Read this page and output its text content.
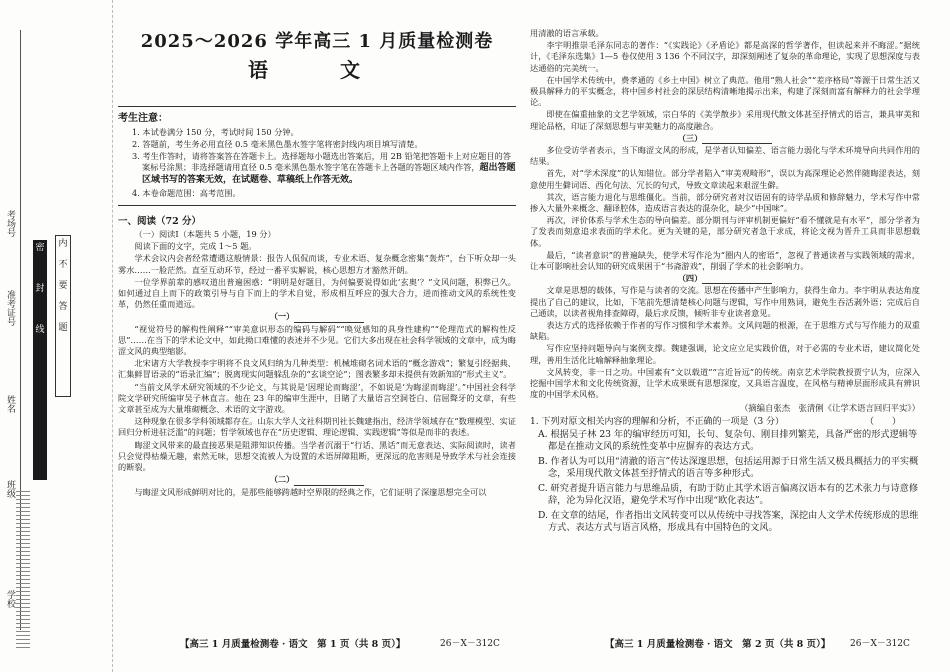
学校
班级
姓名
准考证号
考场号
密
封
线
内
不
要
答
题
2025～2026 学年高三 1 月质量检测卷
语　文
考生注意：

1. 本试卷满分 150 分，考试时间 150 分钟。

2. 答题前，考生务必用直径 0.5 毫米黑色墨水签字笔将密封线内项目填写清楚。

3. 考生作答时，请将答案答在答题卡上。选择题每小题选出答案后，用 2B 铅笔把答题卡上对应题目的答案标号涂黑；非选择题请用直径 0.5 毫米黑色墨水签字笔在答题卡上各题的答题区域内作答，超出答题区域书写的答案无效，在试题卷、草稿纸上作答无效。

4. 本卷命题范围：高考范围。

一、阅读（72 分）
（一）阅读Ⅰ（本题共 5 小题，19 分）
阅读下面的文字，完成 1～5 题。
学术会议内会者经常遭遇这般情景：报告人侃侃而谈，专业术语、复杂概念密集“轰炸”，台下听众却一头雾水……一脸茫然。直至互动环节，经过一番平实解说，核心思想方才豁然开朗。
一位学界前辈的感叹道出普遍困惑：“明明是好题目，为何偏要说得如此‘玄奥’？”文风问题，积弊已久。如何通过自上而下的政策引导与自下而上的学术自觉，形成相互呼应的强大合力，进而推动文风的系统性变革，仍然任重而道远。
（一）
“视觉符号的解构性阐释”“审美意识形态的编码与解码”“唤觉感知的具身性建构”“伦理范式的解构性反思”……在当下的学术论文中，如此拗口难懂的表述并不少见。它们大多出现在社会科学领域的文章中，成为晦涩文风的典型缩影。
北宋诸方大学教授李宇明将不良文风归纳为几种类型：机械堆砌名词术语的“概念游戏”；繁复引经据典、汇集鲜冒语录的“语录汇编”；脱离现实问题躲乱杂的“玄谈空论”；图表繁多却未提供有效新知的“形式主义”。
“当前文风学术研究领域的不少论文，与其说是‘因理论而晦涩’，不如说是‘为晦涩而晦涩’。”中国社会科学院文学研究所编审吴子林直言。他在 23 年的编审生涯中，目睹了大量语言空洞苍白、信屈聱牙的文章，有些文章甚至成为大量堆砌概念、术语的文字游戏。
这种现象在很多学科领域都存在。山东大学人文社科期刊社长魏建指出，经济学领域存在“数理模型、实证回归分析进驻泛滥”的问题；哲学领域也存在“历史逻辑、理论逻辑、实践逻辑”等似是而非的表述。
晦涩文风带来的最直接恶果是阻滞知识传播。当学者沉溺于“行话、黑话”而无意表达、实际阅读时，读者只会觉得枯燥无趣，索然无味，思想交流被人为设置的术语屏障阻断，更深远的危害则是导致学术与社会连接的断裂。
（二）
与晦涩文风形成鲜明对比的，是那些能够跨越时空界限的经典之作，它们证明了深邃思想完全可以
【高三 1 月质量检测卷 · 语文　第 1 页（共 8 页）】	26－X－312C
用清澈的语言承载。
李宇明推崇毛泽东同志的著作：“《实践论》《矛盾论》都是高深的哲学著作，但读起来并不晦涩。”据统计，《毛泽东选集》1—5 卷仅使用 3 136 个不同汉字，却深刻阐述了复杂的革命理论，实现了思想深度与表达通俗的完美统一。
在中国学术传统中，费孝通的《乡土中国》树立了典范。他用“熟人社会”“差序格局”等源于日常生活又极具解释力的平实概念，将中国乡村社会的深层结构清晰地揭示出来，构建了深刻而富有解释力的社会学理论。
即使在偏重抽象的文艺学领域，宗白华的《美学散步》采用现代散文体甚至抒情式的语言，兼具审美和理论品格，印证了深刻思想与审美魅力的高度融合。
（三）
多位受访学者表示，当下晦涩文风的形成，是学者认知偏差、语言能力弱化与学术环境导向共同作用的结果。
首先，对“学术深度”的认知错位。部分学者陷入“审美观畸形”，误以为高深理论必然伴随晦涩表达，刻意使用生僻词语、西化句法、冗长的句式，导致文章读起来艰涩生僻。
其次，语言能力退化与思维僵化。当前，部分研究者对汉语固有的诗学品质和修辞魅力，学术写作中常掺入大量外来概念、翻译腔体，造成语言表达的混杂化，缺少“中国味”。
再次，评价体系与学术生态的导向偏差。部分期刊与评审机制更偏好“看不懂就是有水平”，部分学者为了发表而刻意追求表面的学术化。更为关键的是，部分研究者急于求成，将论文视为晋升工具而非思想载体。
最后，“读者意识”的普遍缺失，使学术写作沦为“圈内人的密语”，忽视了普通读者与实践领域的需求，让本可影响社会认知的研究成果困于“书斋游戏”，削弱了学术的社会影响力。
（四）
文章是思想的载体，写作是与读者的交流。思想在传播中产生影响力，获得生命力。李宇明从表达角度提出了自己的建议，比如，下笔前先想清楚核心问题与逻辑，写作中用熟词，避免生吞活剥外语；完成后自己通读，以读者视角排查障碍，最后求反馈，倾听非专业读者意见。
表达方式的选择依赖于作者的写作习惯和学术素养。文风问题的根源，在于思维方式与写作能力的双重缺陷。
写作应坚持问题导向与案例支撑。魏建强调，论文应立足实践价值，对于必需的专业术语，建议简化处理，善用生活化比喻解释抽象理论。
文风转变，非一日之功。中国素有“文以载道”“言近旨远”的传统。南京艺术学院教授贾宁认为，应深入挖掘中国学术和文化传统资源，让学术成果既有思想深度，又具语言温度，在风格与精神层面形成具有辨识度的中国学术风格。
（摘编自张杰　张清俐《让学术语言回归平实》）
1. 下列对原文相关内容的理解和分析，不正确的一项是（3 分）　　　　　　　　　　（　　）
A. 根据吴子林 23 年的编审经历可知，长句、复杂句、刚目排列繁芜，具备严密的形式逻辑等都是在推动文风的系统性变革中应摒弃的表达方式。
B. 作者认为可以用“清澈的语言”传达深邃思想，包括运用源于日常生活又极具概括力的平实概念，采用现代散文体甚至抒情式的语言等多种形式。
C. 研究者提升语言能力与思维品质，有助于防止其学术语言偏离汉语本有的艺术张力与诗意修辞，沦为异化汉语，避免学术写作中出现“欧化表达”。
D. 在文章的结尾，作者指出文风转变可以从传统中寻找答案，深挖由人文学术传统形成的思维方式、表达方式与语言风格，形成具有中国特色的文风。
【高三 1 月质量检测卷 · 语文　第 2 页（共 8 页）】 26－X－312C
